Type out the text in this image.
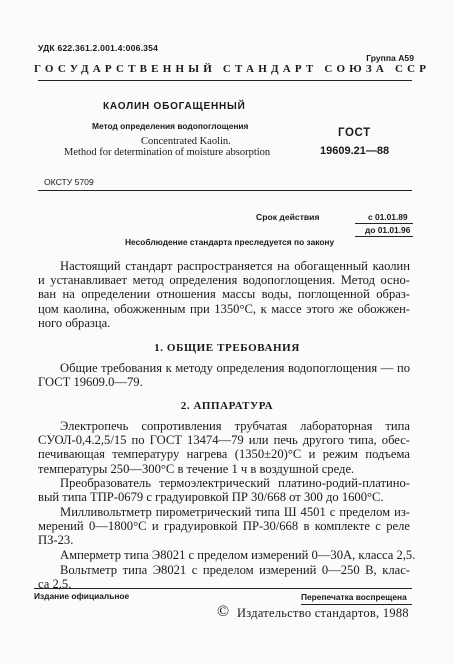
УДК 622.361.2.001.4:006.354
Группа А59
ГОСУДАРСТВЕННЫЙ СТАНДАРТ СОЮЗА ССР
КАОЛИН ОБОГАЩЕННЫЙ
Метод определения водопоглощения
Concentrated Kaolin.
Method for determination of moisture absorption
ГОСТ
19609.21—88
ОКСТУ 5709
Срок действия	с 01.01.89
до 01.01.96
Несоблюдение стандарта преследуется по закону
Настоящий стандарт распространяется на обогащенный каолин
и устанавливает метод определения водопоглощения. Метод осно-
ван на определении отношения массы воды, поглощенной образ-
цом каолина, обожженным при 1350°С, к массе этого же обожжен-
ного образца.
1. ОБЩИЕ ТРЕБОВАНИЯ
Общие требования к методу определения водопоглощения — по
ГОСТ 19609.0—79.
2. АППАРАТУРА
Электропечь сопротивления трубчатая лабораторная типа
СУОЛ-0,4.2,5/15 по ГОСТ 13474—79 или печь другого типа, обес-
печивающая температуру нагрева (1350±20)°С и режим подъема
температуры 250—300°С в течение 1 ч в воздушной среде.
Преобразователь термоэлектрический платино-родий-платино-
вый типа ТПР-0679 с градуировкой ПР 30/668 от 300 до 1600°С.
Милливольтметр пирометрический типа Ш 4501 с пределом из-
мерений 0—1800°С и градуировкой ПР-30/668 в комплекте с реле
ПЗ-23.
Амперметр типа Э8021 с пределом измерений 0—30А, класса 2,5.
Вольтметр типа Э8021 с пределом измерений 0—250 В, клас-
са 2,5.
Издание официальное	Перепечатка воспрещена
© Издательство стандартов, 1988
